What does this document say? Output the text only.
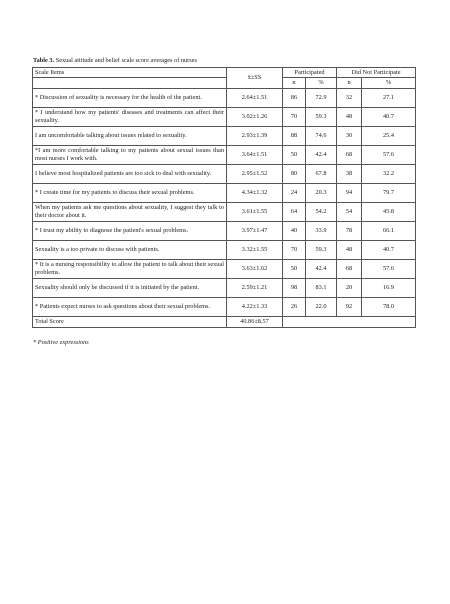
Table 3. Sexual attitude and belief scale score averages of nurses
Scale Items	x̄±SS	Participated		Did Not Participate	
		n	%	n	%
* Discussion of sexuality is necessary for the health of the patient.	2.64±1.51	86	72.9	32	27.1
* I understand how my patients' diseases and treatments can affect their sexuality.	3.02±1.26	70	59.3	48	40.7
I am uncomfortable talking about issues related to sexuality.	2.93±1.39	88	74.6	30	25.4
*I am more comfortable talking to my patients about sexual issues than most nurses I work with.	3.64±1.51	50	42.4	68	57.6
I believe most hospitalized patients are too sick to deal with sexuality.	2.95±1.52	80	67.8	38	32.2
* I create time for my patients to discuss their sexual problems.	4.34±1.32	24	20.3	94	79.7
When my patients ask me questions about sexuality, I suggest they talk to their doctor about it.	3.61±1.55	64	54.2	54	45.8
* I trust my ability to diagnose the patient's sexual problems.	3.97±1.47	40	33.9	78	66.1
Sexuality is a too private to discuss with patients.	3.32±1.55	70	59.3	48	40.7
* It is a nursing responsibility to allow the patient to talk about their sexual problems.	3.63±1.62	50	42.4	68	57.6
Sexuality should only be discussed if it is initiated by the patient.	2.59±1.21	98	83.1	20	16.9
* Patients expect nurses to ask questions about their sexual problems.	4.22±1.33	26	22.0	92	78.0
Total Score	40.86±8.57				
* Positive expressions
